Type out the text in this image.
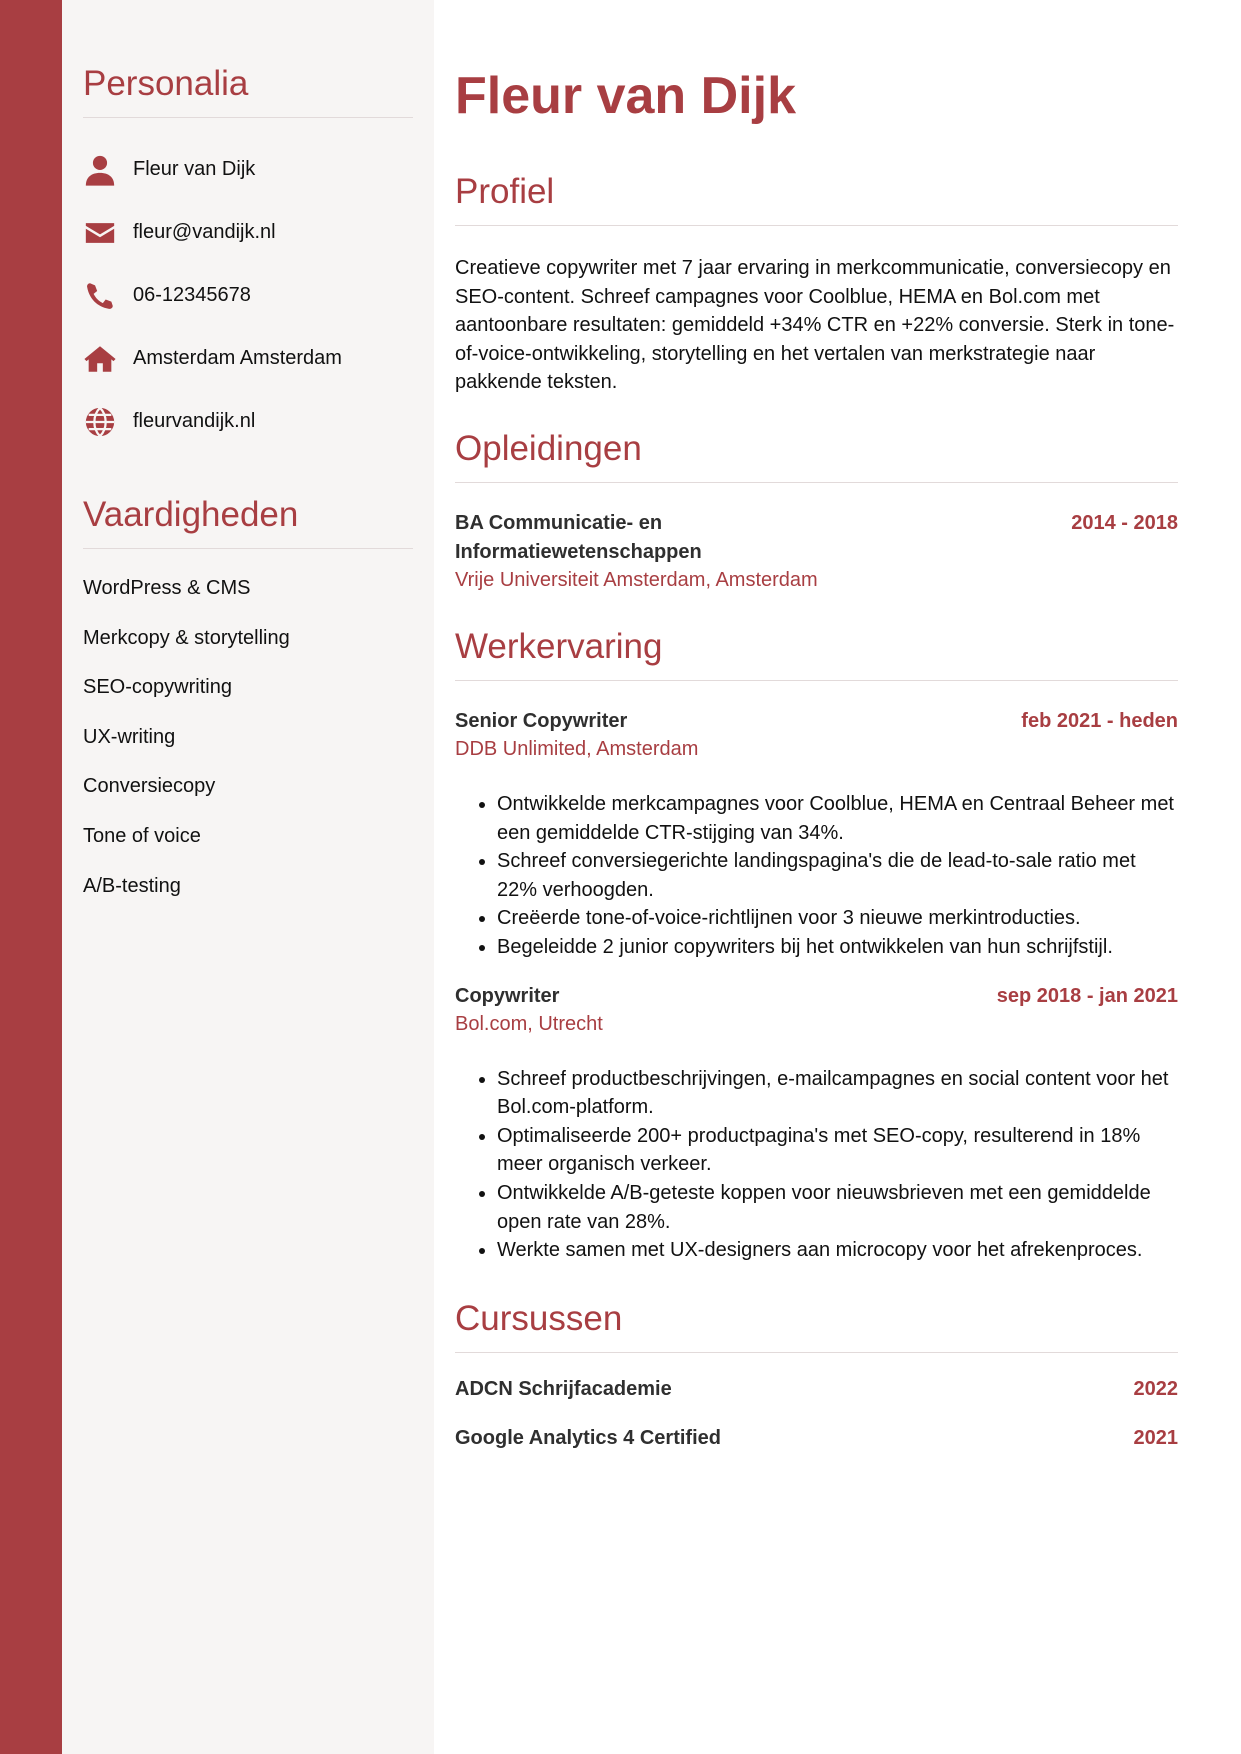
Personalia
Fleur van Dijk
fleur@vandijk.nl
06-12345678
Amsterdam Amsterdam
fleurvandijk.nl
Vaardigheden
WordPress & CMS
Merkcopy & storytelling
SEO-copywriting
UX-writing
Conversiecopy
Tone of voice
A/B-testing
Fleur van Dijk
Profiel

Creatieve copywriter met 7 jaar ervaring in merkcommunicatie, conversiecopy en SEO-content. Schreef campagnes voor Coolblue, HEMA en Bol.com met aantoonbare resultaten: gemiddeld +34% CTR en +22% conversie. Sterk in tone-of-voice-ontwikkeling, storytelling en het vertalen van merkstrategie naar pakkende teksten.

Opleidingen
BA Communicatie- en Informatiewetenschappen
2014 - 2018
Vrije Universiteit Amsterdam, Amsterdam
Werkervaring
Senior Copywriter	feb 2021 - heden
DDB Unlimited, Amsterdam
• Ontwikkelde merkcampagnes voor Coolblue, HEMA en Centraal Beheer met een gemiddelde CTR-stijging van 34%.
• Schreef conversiegerichte landingspagina's die de lead-to-sale ratio met 22% verhoogden.
• Creëerde tone-of-voice-richtlijnen voor 3 nieuwe merkintroducties.
• Begeleidde 2 junior copywriters bij het ontwikkelen van hun schrijfstijl.
Copywriter	sep 2018 - jan 2021
Bol.com, Utrecht
• Schreef productbeschrijvingen, e-mailcampagnes en social content voor het Bol.com-platform.
• Optimaliseerde 200+ productpagina's met SEO-copy, resulterend in 18% meer organisch verkeer.
• Ontwikkelde A/B-geteste koppen voor nieuwsbrieven met een gemiddelde open rate van 28%.
• Werkte samen met UX-designers aan microcopy voor het afrekenproces.
Cursussen
ADCN Schrijfacademie	2022
Google Analytics 4 Certified	2021
